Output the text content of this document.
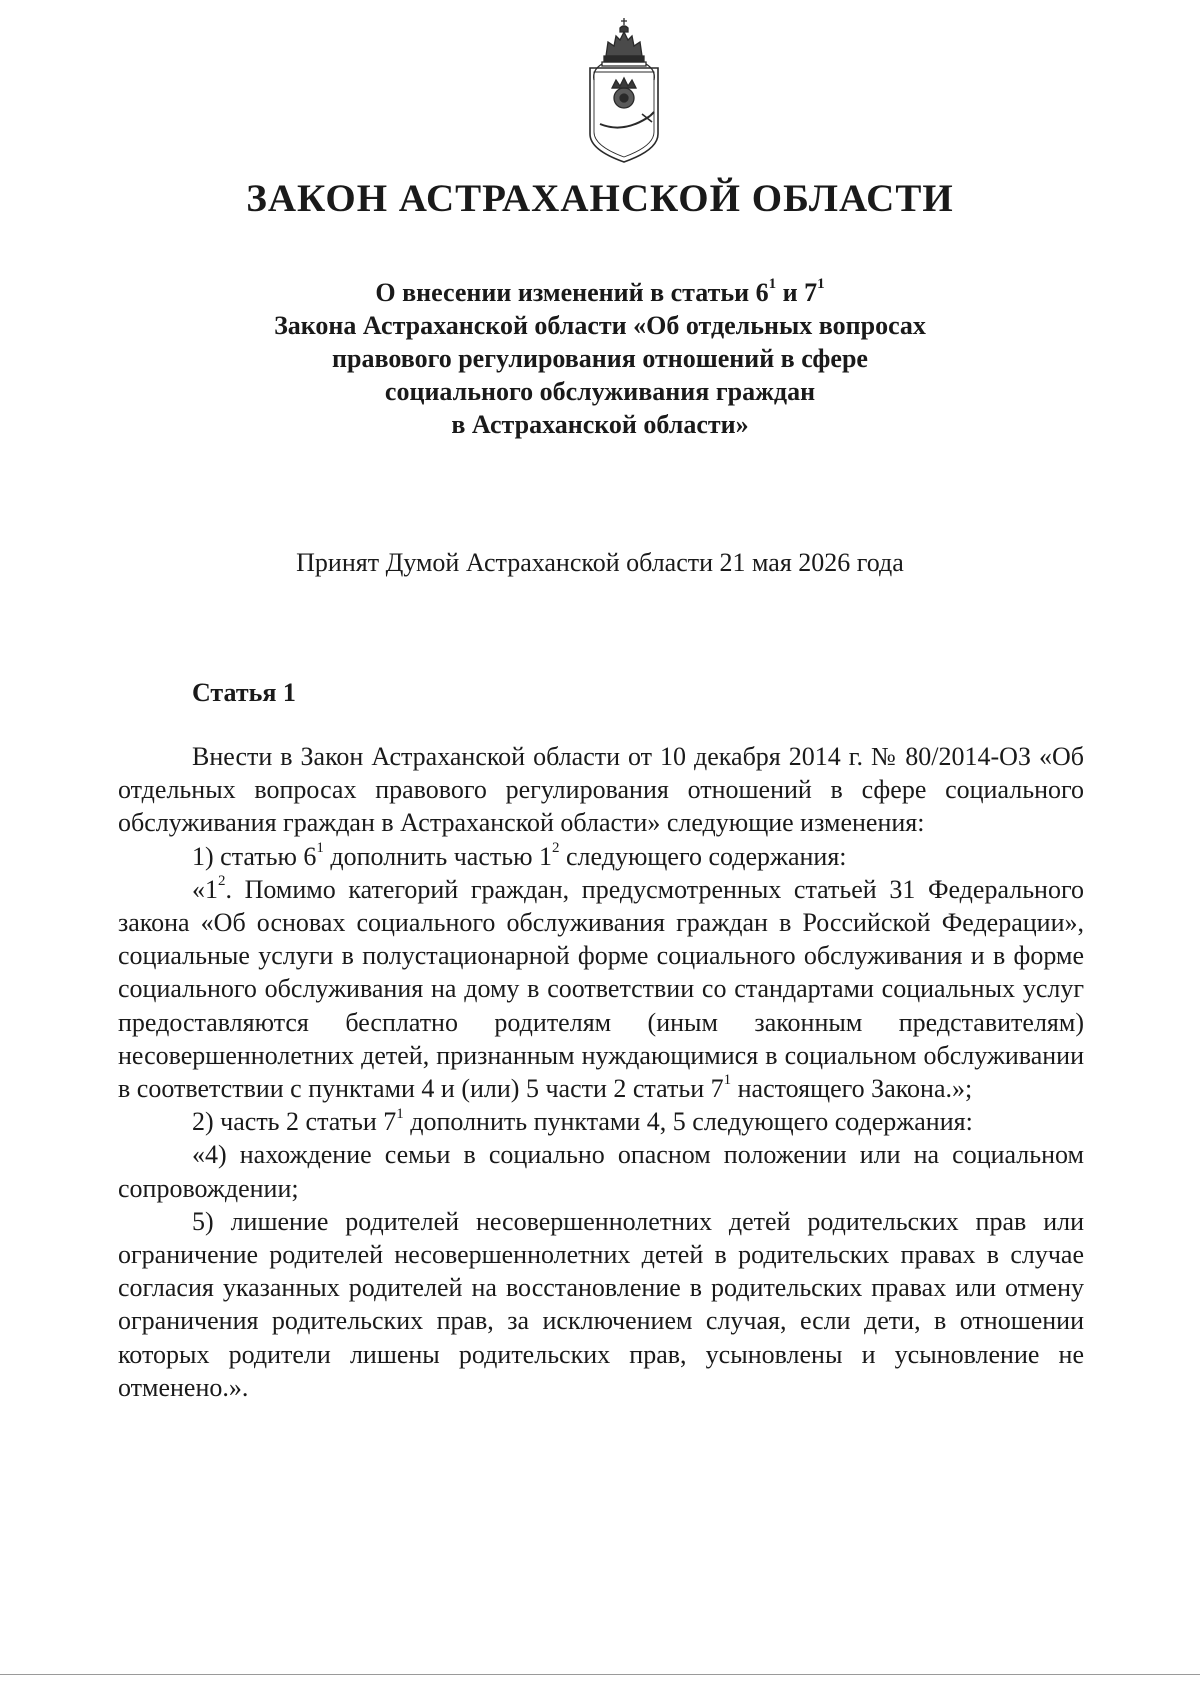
ЗАКОН АСТРАХАНСКОЙ ОБЛАСТИ
О внесении изменений в статьи $6^1$ и $7^1$
Закона Астраханской области «Об отдельных вопросах
правового регулирования отношений в сфере
социального обслуживания граждан
в Астраханской области»

Принят Думой Астраханской области 21 мая 2026 года

Статья 1

Внести в Закон Астраханской области от 10 декабря 2014 г. № 80/2014-ОЗ «Об отдельных вопросах правового регулирования отношений в сфере социального обслуживания граждан в Астраханской области» следующие изменения:

1) статью $6^1$ дополнить частью $1^2$ следующего содержания:

«$1^2$. Помимо категорий граждан, предусмотренных статьей 31 Федерального закона «Об основах социального обслуживания граждан в Российской Федерации», социальные услуги в полустационарной форме социального обслуживания и в форме социального обслуживания на дому в соответствии со стандартами социальных услуг предоставляются бесплатно родителям (иным законным представителям) несовершеннолетних детей, признанным нуждающимися в социальном обслуживании в соответствии с пунктами 4 и (или) 5 части 2 статьи $7^1$ настоящего Закона.»;

2) часть 2 статьи $7^1$ дополнить пунктами 4, 5 следующего содержания:

«4) нахождение семьи в социально опасном положении или на социальном сопровождении;

5) лишение родителей несовершеннолетних детей родительских прав или ограничение родителей несовершеннолетних детей в родительских правах в случае согласия указанных родителей на восстановление в родительских правах или отмену ограничения родительских прав, за исключением случая, если дети, в отношении которых родители лишены родительских прав, усыновлены и усыновление не отменено.».
